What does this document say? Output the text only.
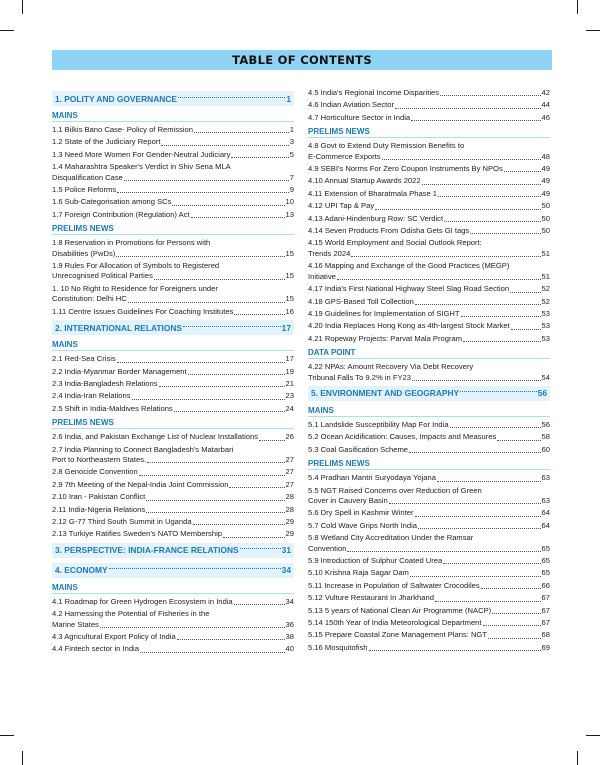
TABLE OF CONTENTS
1. POLITY AND GOVERNANCE	1
MAINS
1.1 Bilkis Bano Case- Policy of Remission	1
1.2 State of the Judiciary Report	3
1.3 Need More Women For Gender-Neutral Judiciary	5
1.4 Maharashtra Speaker's Verdict in Shiv Sena MLA
Disqualification Case	7
1.5 Police Reforms	9
1.6 Sub-Categorisation among SCs	10
1.7 Foreign Contribution (Regulation) Act	13
PRELIMS NEWS
1.8 Reservation in Promotions for Persons with
Disabilities (PwDs)	15
1.9 Rules For Allocation of Symbols to Registered
Unrecognised Political Parties	15
1. 10 No Right to Residence for Foreigners under
Constitution: Delhi HC	15
1.11 Centre Issues Guidelines For Coaching Institutes	16
2. INTERNATIONAL RELATIONS	17
MAINS
2.1 Red-Sea Crisis	17
2.2 India-Myanmar Border Management	19
2.3 India-Bangladesh Relations	21
2.4 India-Iran Relations	23
2.5 Shift in India-Maldives Relations	24
PRELIMS NEWS
2.6 India, and Pakistan Exchange List of Nuclear Installations	26
2.7 India Planning to Connect Bangladesh's Matarbari
Port to Northeastern States.	27
2.8 Genocide Convention	27
2.9 7th Meeting of the Nepal-India Joint Commission	27
2.10 Iran - Pakistan Conflict	28
2.11 India-Nigeria Relations	28
2.12 G-77 Third South Summit in Uganda	29
2.13 Turkiye Ratifies Sweden's NATO Membership	29
3. PERSPECTIVE: INDIA-FRANCE RELATIONS	31
4. ECONOMY	34
MAINS
4.1 Roadmap for Green Hydrogen Ecosystem in India	34
4.2 Harnessing the Potential of Fisheries in the
Marine States	36
4.3 Agricultural Export Policy of India	38
4.4 Fintech sector in India	40
4.5 India's Regional Income Disparities	42
4.6 Indian Aviation Sector	44
4.7 Horticulture Sector in India	46
PRELIMS NEWS
4.8 Govt to Extend Duty Remission Benefits to
E-Commerce Exports	48
4.9 SEBI's Norms For Zero Coupon Instruments By NPOs	49
4.10 Annual Startup Awards 2022	49
4.11 Extension of Bharatmala Phase 1	49
4.12 UPI Tap & Pay	50
4.13 Adani-Hindenburg Row: SC Verdict	50
4.14 Seven Products From Odisha Gets GI tags	50
4.15 World Employment and Social Outlook Report:
Trends 2024	51
4.16 Mapping and Exchange of the Good Practices (MEGP)
Initiative	51
4.17 India's First National Highway Steel Slag Road Section	52
4.18 GPS-Based Toll Collection	52
4.19 Guidelines for Implementation of SIGHT	53
4.20 India Replaces Hong Kong as 4th-largest Stock Market	53
4.21 Ropeway Projects: Parvat Mala Program	53
DATA POINT
4.22 NPAs: Amount Recovery Via Debt Recovery
Tribunal Falls To 9.2% in FY23	54
5. ENVIRONMENT AND GEOGRAPHY	56
MAINS
5.1 Landslide Susceptibility Map For India	56
5.2 Ocean Acidification: Causes, Impacts and Measures	58
5.3 Coal Gasification Scheme	60
PRELIMS NEWS
5.4 Pradhan Mantri Suryodaya Yojana	63
5.5 NGT Raised Concerns over Reduction of Green
Cover in Cauvery Basin	63
5.6 Dry Spell in Kashmir Winter	64
5.7 Cold Wave Grips North India	64
5.8 Wetland City Accreditation Under the Ramsar
Convention	65
5.9 Introduction of Sulphur Coated Urea	65
5.10 Krishna Raja Sagar Dam	65
5.11 Increase in Population of Saltwater Crocodiles	66
5.12 Vulture Restaurant In Jharkhand	67
5.13 5 years of National Clean Air Programme (NACP)	67
5.14 150th Year of India Meteorological Department	67
5.15 Prepare Coastal Zone Management Plans: NGT	68
5.16 Mosquitofish	69
